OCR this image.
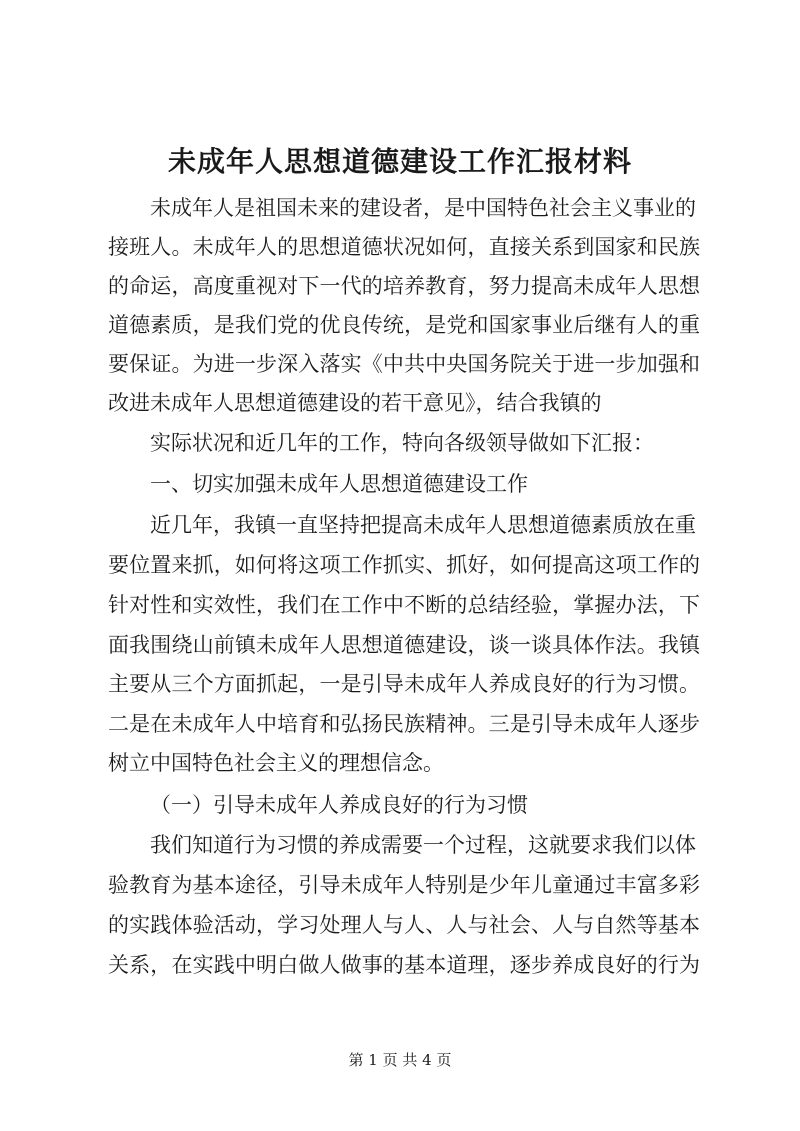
未成年人思想道德建设工作汇报材料
未成年人是祖国未来的建设者，是中国特色社会主义事业的
接班人。未成年人的思想道德状况如何，直接关系到国家和民族
的命运，高度重视对下一代的培养教育，努力提高未成年人思想
道德素质，是我们党的优良传统，是党和国家事业后继有人的重
要保证。为进一步深入落实《中共中央国务院关于进一步加强和
改进未成年人思想道德建设的若干意见》，结合我镇的
实际状况和近几年的工作，特向各级领导做如下汇报：
一、切实加强未成年人思想道德建设工作
近几年，我镇一直坚持把提高未成年人思想道德素质放在重
要位置来抓，如何将这项工作抓实、抓好，如何提高这项工作的
针对性和实效性，我们在工作中不断的总结经验，掌握办法，下
面我围绕山前镇未成年人思想道德建设，谈一谈具体作法。我镇
主要从三个方面抓起，一是引导未成年人养成良好的行为习惯。
二是在未成年人中培育和弘扬民族精神。三是引导未成年人逐步
树立中国特色社会主义的理想信念。
（一）引导未成年人养成良好的行为习惯
我们知道行为习惯的养成需要一个过程，这就要求我们以体
验教育为基本途径，引导未成年人特别是少年儿童通过丰富多彩
的实践体验活动，学习处理人与人、人与社会、人与自然等基本
关系，在实践中明白做人做事的基本道理，逐步养成良好的行为
第 1 页 共 4 页
